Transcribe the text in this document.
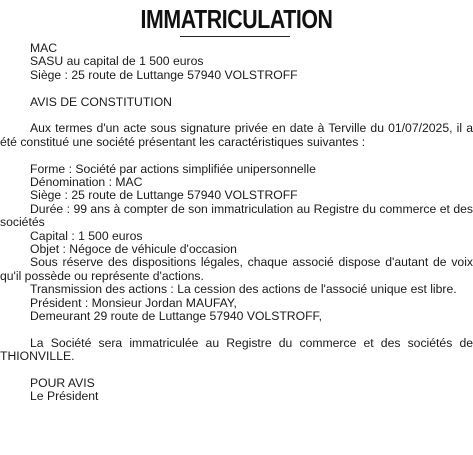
IMMATRICULATION
MAC
SASU au capital de 1 500 euros
Siège : 25 route de Luttange 57940 VOLSTROFF
AVIS DE CONSTITUTION
Aux termes d'un acte sous signature privée en date à Terville du 01/07/2025, il a été constitué une société présentant les caractéristiques suivantes :
Forme : Société par actions simplifiée unipersonnelle
Dénomination : MAC
Siège : 25 route de Luttange 57940 VOLSTROFF
Durée : 99 ans à compter de son immatriculation au Registre du commerce et des sociétés
Capital : 1 500 euros
Objet : Négoce de véhicule d'occasion
Sous réserve des dispositions légales, chaque associé dispose d'autant de voix qu'il possède ou représente d'actions.
Transmission des actions : La cession des actions de l'associé unique est libre.
Président : Monsieur Jordan MAUFAY,
Demeurant 29 route de Luttange 57940 VOLSTROFF,
La Société sera immatriculée au Registre du commerce et des sociétés de THIONVILLE.
POUR AVIS
Le Président
